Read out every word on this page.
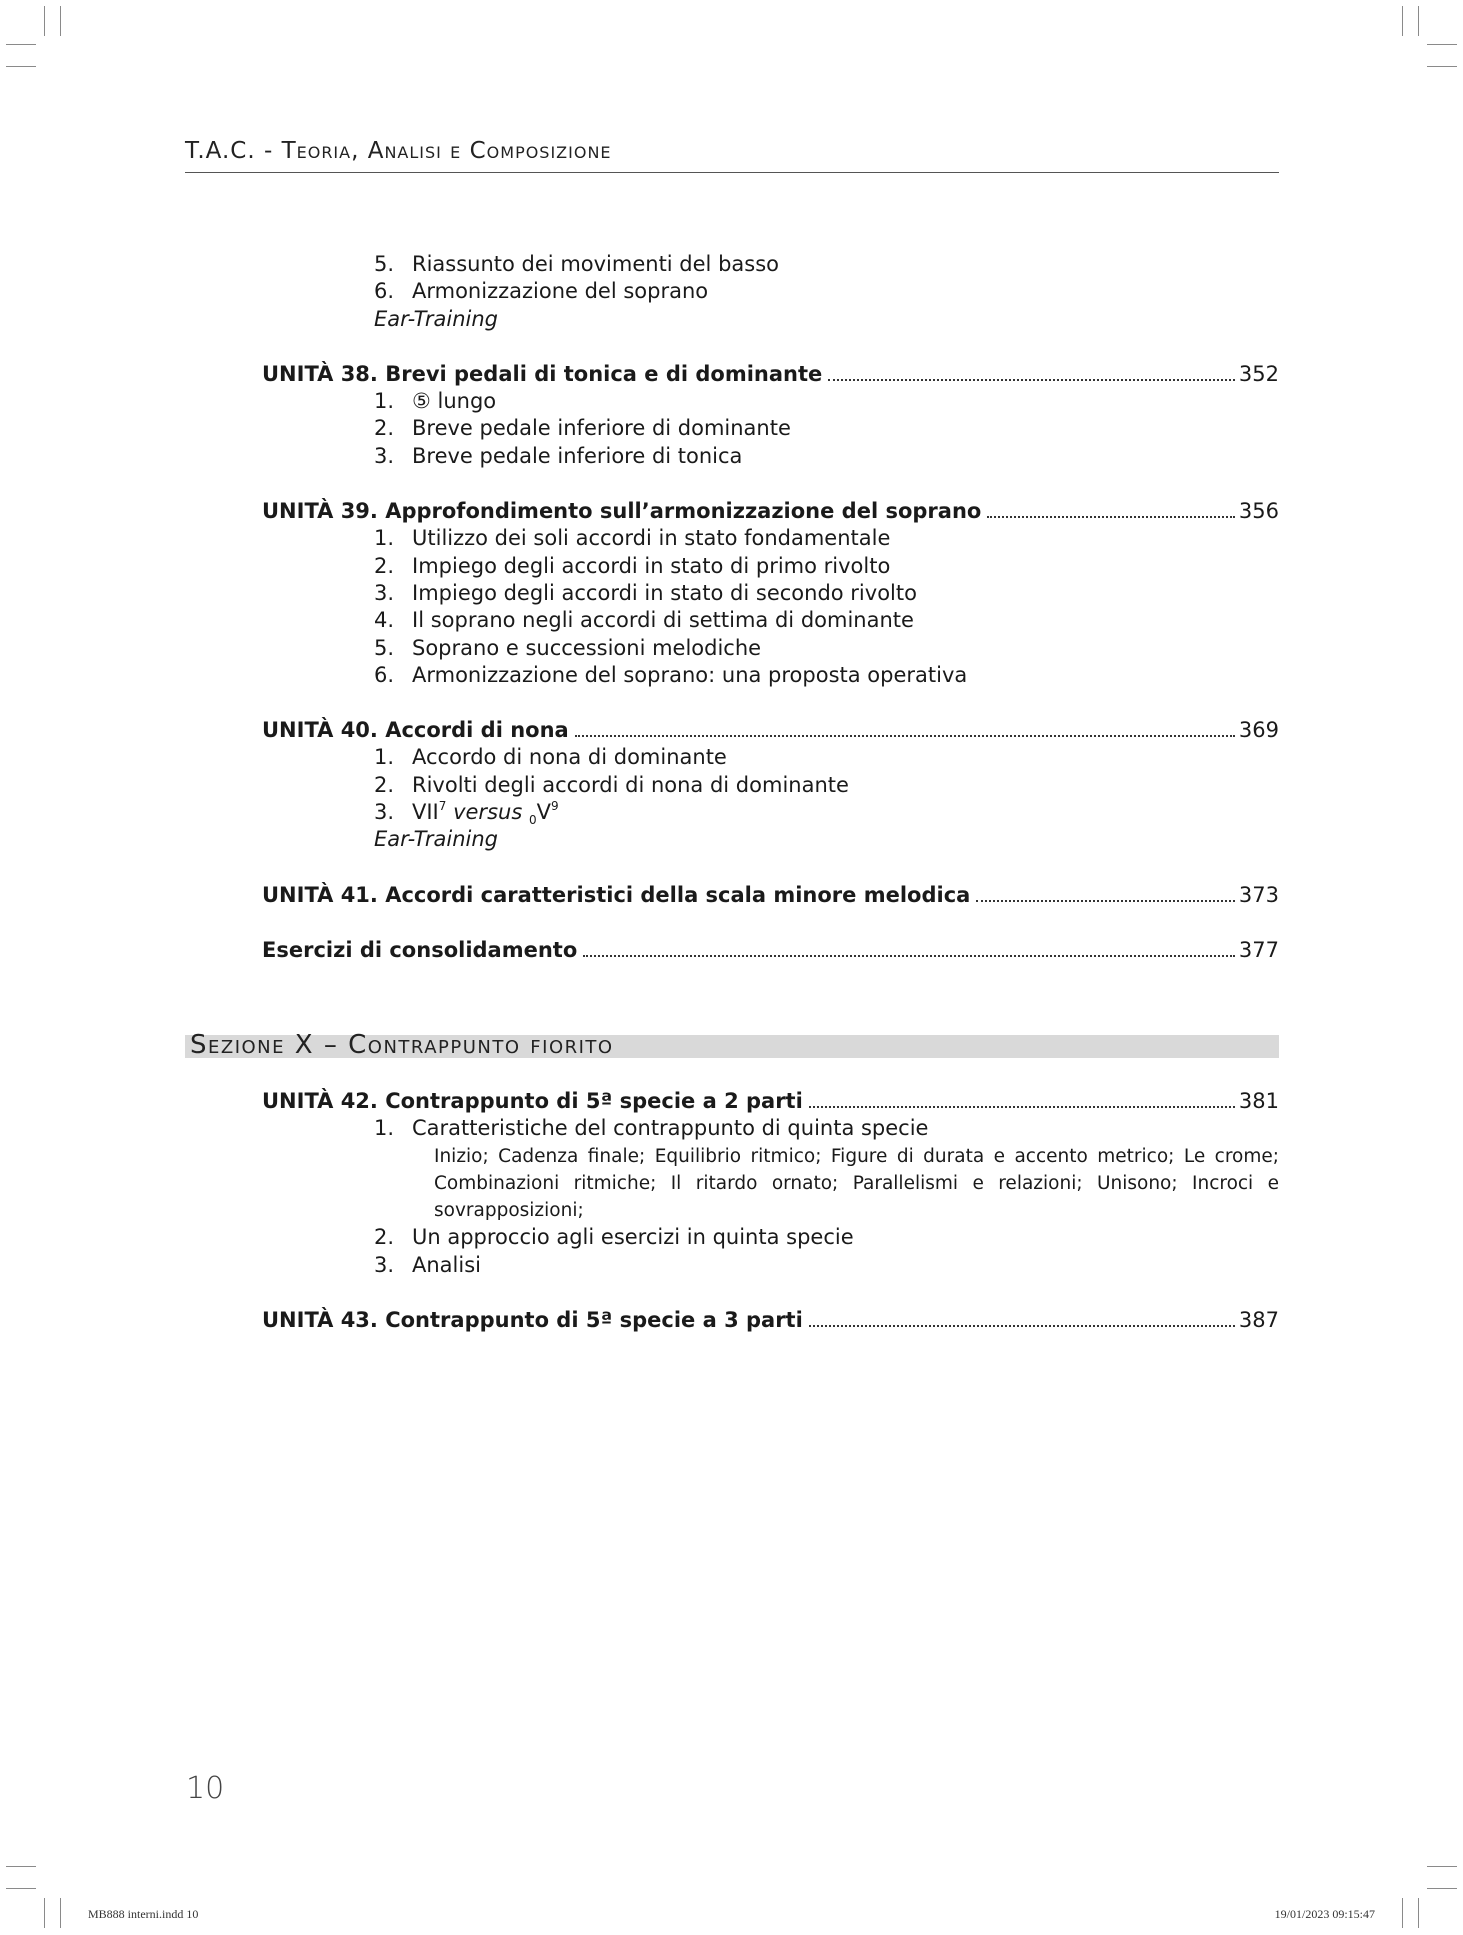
T.A.C. - Teoria, Analisi e Composizione
5. Riassunto dei movimenti del basso
6. Armonizzazione del soprano
Ear-Training
UNITÀ 38. Brevi pedali di tonica e di dominante	352
1. ⑤ lungo
2. Breve pedale inferiore di dominante
3. Breve pedale inferiore di tonica
UNITÀ 39. Approfondimento sull’armonizzazione del soprano	356
1. Utilizzo dei soli accordi in stato fondamentale
2. Impiego degli accordi in stato di primo rivolto
3. Impiego degli accordi in stato di secondo rivolto
4. Il soprano negli accordi di settima di dominante
5. Soprano e successioni melodiche
6. Armonizzazione del soprano: una proposta operativa
UNITÀ 40. Accordi di nona	369
1. Accordo di nona di dominante
2. Rivolti degli accordi di nona di dominante
3. VII$^7$ versus $_0V^9$
Ear-Training
UNITÀ 41. Accordi caratteristici della scala minore melodica	373
Esercizi di consolidamento	377
Sezione X – Contrappunto fiorito
UNITÀ 42. Contrappunto di 5ª specie a 2 parti	381
1. Caratteristiche del contrappunto di quinta specie
Inizio; Cadenza finale; Equilibrio ritmico; Figure di durata e accento metrico; Le crome; Combinazioni ritmiche; Il ritardo ornato; Parallelismi e relazioni; Unisono; Incroci e sovrapposizioni;
2. Un approccio agli esercizi in quinta specie
3. Analisi
UNITÀ 43. Contrappunto di 5ª specie a 3 parti	387
10
MB888 interni.indd 10	19/01/2023 09:15:47
